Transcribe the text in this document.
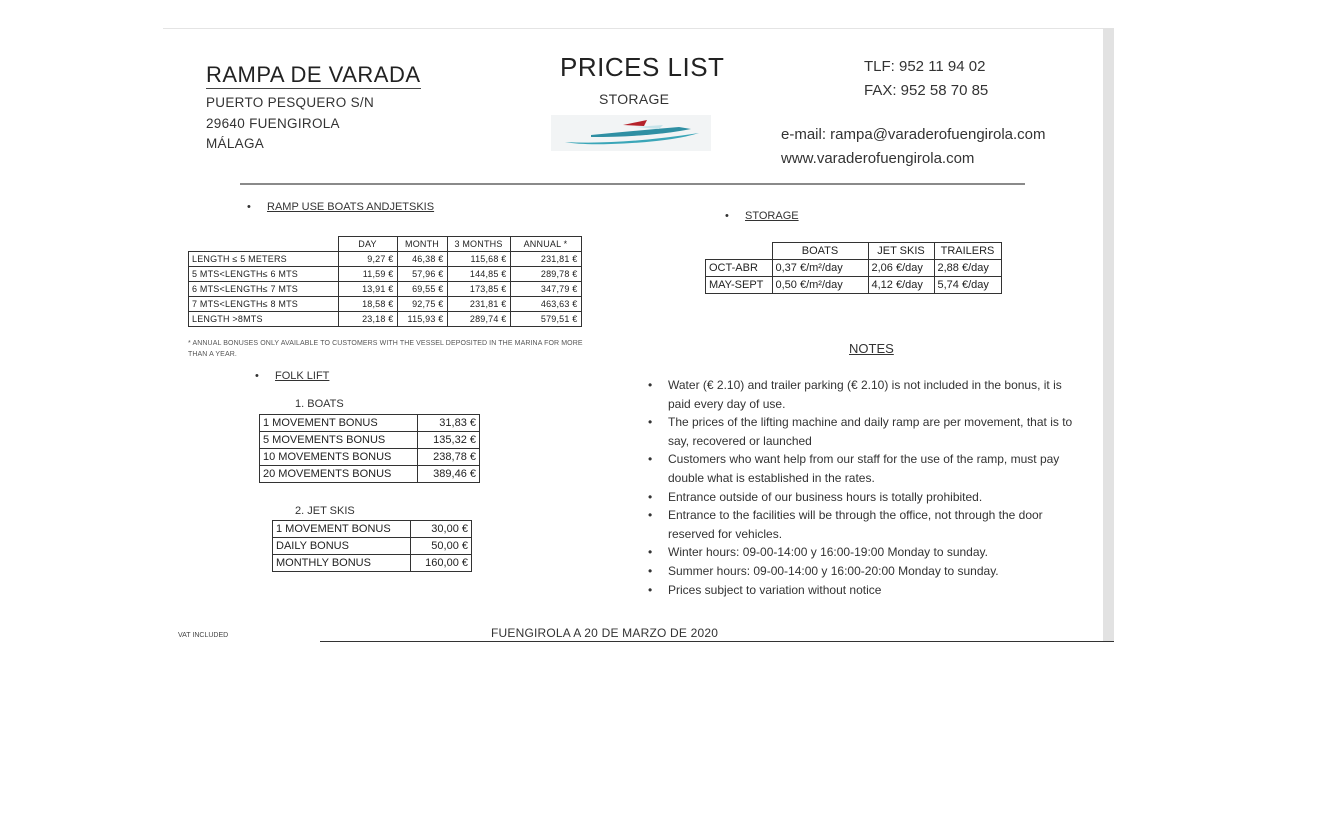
RAMPA DE VARADA
PUERTO PESQUERO S/N
29640 FUENGIROLA
MÁLAGA
PRICES LIST
STORAGE
TLF: 952 11 94 02
FAX: 952 58 70 85
e-mail: rampa@varaderofuengirola.com
www.varaderofuengirola.com
• RAMP USE BOATS ANDJETSKIS
	DAY	MONTH	3 MONTHS	ANNUAL *
LENGTH ≤ 5 METERS	9,27 €	46,38 €	115,68 €	231,81 €
5 MTS<LENGTH≤ 6 MTS	11,59 €	57,96 €	144,85 €	289,78 €
6 MTS<LENGTH≤ 7 MTS	13,91 €	69,55 €	173,85 €	347,79 €
7 MTS<LENGTH≤ 8 MTS	18,58 €	92,75 €	231,81 €	463,63 €
LENGTH >8MTS	23,18 €	115,93 €	289,74 €	579,51 €
* ANNUAL BONUSES ONLY AVAILABLE TO CUSTOMERS WITH THE VESSEL DEPOSITED IN THE MARINA FOR MORE THAN A YEAR.
• FOLK LIFT
1. BOATS
1 MOVEMENT BONUS	31,83 €
5 MOVEMENTS BONUS	135,32 €
10 MOVEMENTS BONUS	238,78 €
20 MOVEMENTS BONUS	389,46 €
2. JET SKIS
1 MOVEMENT BONUS	30,00 €
DAILY BONUS	50,00 €
MONTHLY BONUS	160,00 €
• STORAGE
	BOATS	JET SKIS	TRAILERS
OCT-ABR	0,37 €/m²/day	2,06 €/day	2,88 €/day
MAY-SEPT	0,50 €/m²/day	4,12 €/day	5,74 €/day
NOTES
• Water (€ 2.10) and trailer parking (€ 2.10) is not included in the bonus, it is paid every day of use.
• The prices of the lifting machine and daily ramp are per movement, that is to say, recovered or launched
• Customers who want help from our staff for the use of the ramp, must pay double what is established in the rates.
• Entrance outside of our business hours is totally prohibited.
• Entrance to the facilities will be through the office, not through the door reserved for vehicles.
• Winter hours: 09-00-14:00 y 16:00-19:00 Monday to sunday.
• Summer hours: 09-00-14:00 y 16:00-20:00 Monday to sunday.
• Prices subject to variation without notice
VAT INCLUDED	FUENGIROLA A 20 DE MARZO DE 2020
